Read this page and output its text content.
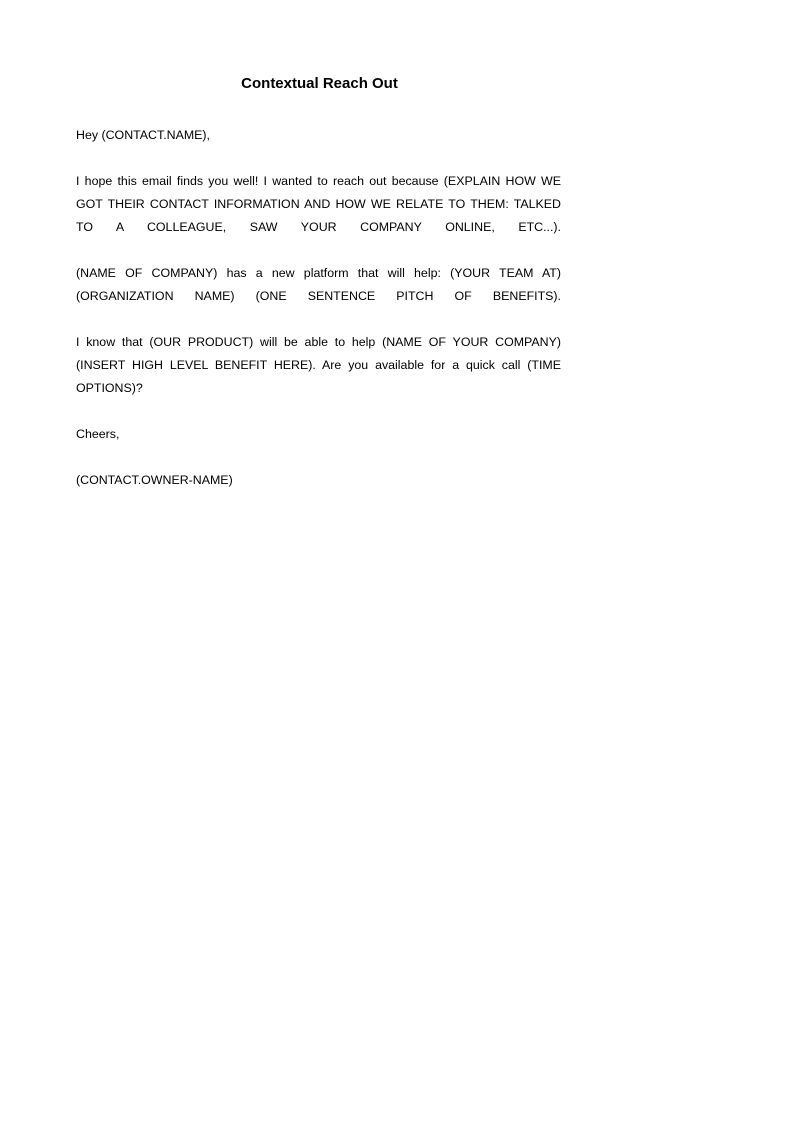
Contextual Reach Out

Hey (CONTACT.NAME),

I hope this email finds you well! I wanted to reach out because (EXPLAIN HOW WE GOT THEIR CONTACT INFORMATION AND HOW WE RELATE TO THEM: TALKED TO A COLLEAGUE, SAW YOUR COMPANY ONLINE, ETC...).

(NAME OF COMPANY) has a new platform that will help: (YOUR TEAM AT) (ORGANIZATION NAME) (ONE SENTENCE PITCH OF BENEFITS).

I know that (OUR PRODUCT) will be able to help (NAME OF YOUR COMPANY) (INSERT HIGH LEVEL BENEFIT HERE). Are you available for a quick call (TIME OPTIONS)?

Cheers,

(CONTACT.OWNER-NAME)
